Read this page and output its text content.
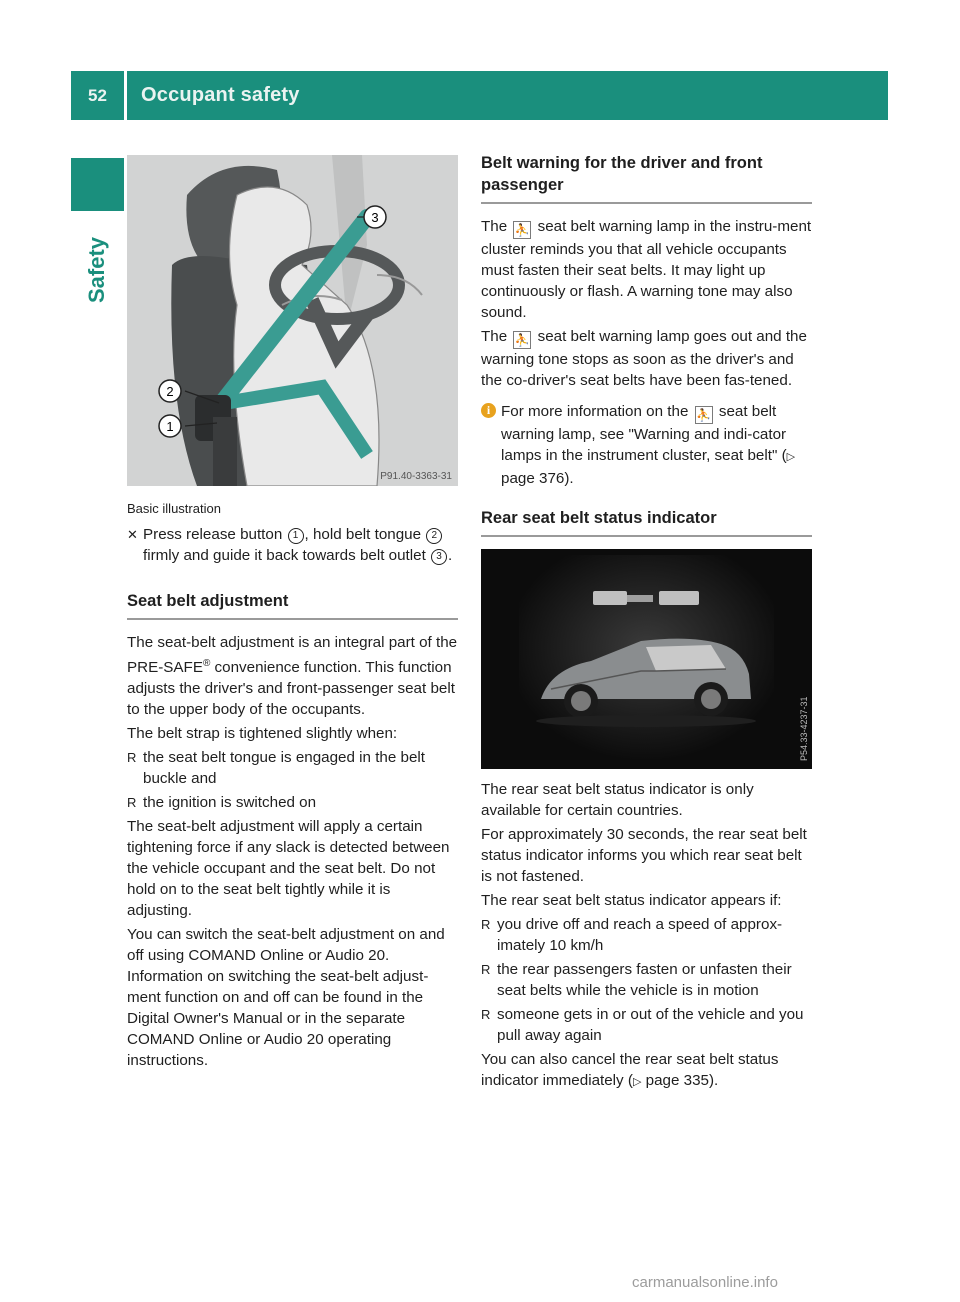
52	Occupant safety
Safety
3
2
1
P91.40-3363-31
Basic illustration
✕ Press release button 1 , hold belt tongue 2 firmly and guide it back towards belt outlet 3 .
Seat belt adjustment

The seat-belt adjustment is an integral part of the PRE-SAFE® convenience function. This function adjusts the driver's and front-passenger seat belt to the upper body of the occupants.

The belt strap is tightened slightly when:

R the seat belt tongue is engaged in the belt buckle and
R the ignition is switched on

The seat-belt adjustment will apply a certain tightening force if any slack is detected between the vehicle occupant and the seat belt. Do not hold on to the seat belt tightly while it is adjusting.

You can switch the seat-belt adjustment on and off using COMAND Online or Audio 20. Information on switching the seat-belt adjust-ment function on and off can be found in the Digital Owner's Manual or in the separate COMAND Online or Audio 20 operating instructions.

Belt warning for the driver and front passenger

The ⛹ seat belt warning lamp in the instru-ment cluster reminds you that all vehicle occupants must fasten their seat belts. It may light up continuously or flash. A warning tone may also sound.

The ⛹ seat belt warning lamp goes out and the warning tone stops as soon as the driver's and the co-driver's seat belts have been fas-tened.

i For more information on the ⛹ seat belt warning lamp, see "Warning and indi-cator lamps in the instrument cluster, seat belt" (▷ page 376).
Rear seat belt status indicator
P54.33-4237-31

The rear seat belt status indicator is only available for certain countries.

For approximately 30 seconds, the rear seat belt status indicator informs you which rear seat belt is not fastened.

The rear seat belt status indicator appears if:

R you drive off and reach a speed of approx-imately 10 km/h
R the rear passengers fasten or unfasten their seat belts while the vehicle is in motion
R someone gets in or out of the vehicle and you pull away again

You can also cancel the rear seat belt status indicator immediately (▷ page 335).

carmanualsonline.info
